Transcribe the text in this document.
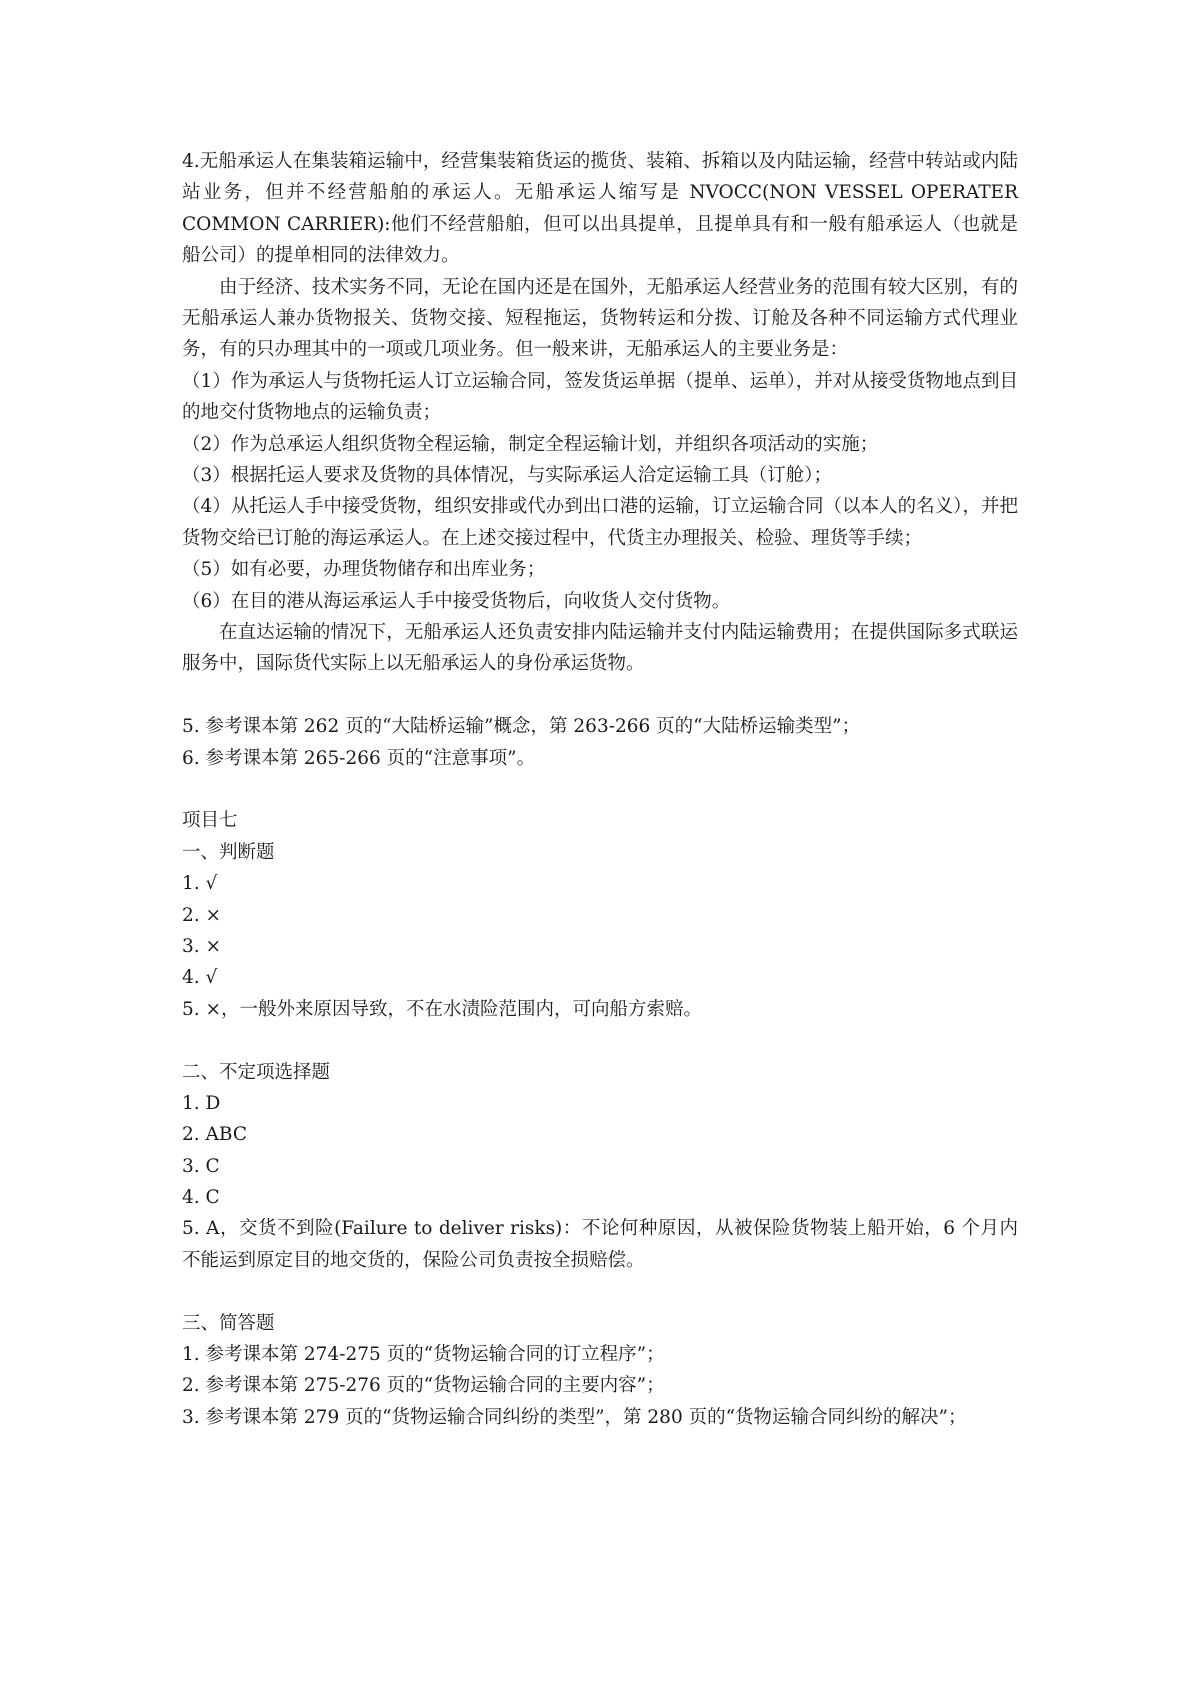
4.无船承运人在集装箱运输中，经营集装箱货运的揽货、装箱、拆箱以及内陆运输，经营中转站或内陆站业务，但并不经营船舶的承运人。无船承运人缩写是 NVOCC(NON VESSEL OPERATER COMMON CARRIER):他们不经营船舶，但可以出具提单，且提单具有和一般有船承运人（也就是船公司）的提单相同的法律效力。
由于经济、技术实务不同，无论在国内还是在国外，无船承运人经营业务的范围有较大区别，有的无船承运人兼办货物报关、货物交接、短程拖运，货物转运和分拨、订舱及各种不同运输方式代理业务，有的只办理其中的一项或几项业务。但一般来讲，无船承运人的主要业务是：
（1）作为承运人与货物托运人订立运输合同，签发货运单据（提单、运单），并对从接受货物地点到目的地交付货物地点的运输负责；
（2）作为总承运人组织货物全程运输，制定全程运输计划，并组织各项活动的实施；
（3）根据托运人要求及货物的具体情况，与实际承运人洽定运输工具（订舱）；
（4）从托运人手中接受货物，组织安排或代办到出口港的运输，订立运输合同（以本人的名义），并把货物交给已订舱的海运承运人。在上述交接过程中，代货主办理报关、检验、理货等手续；
（5）如有必要，办理货物储存和出库业务；
（6）在目的港从海运承运人手中接受货物后，向收货人交付货物。
在直达运输的情况下，无船承运人还负责安排内陆运输并支付内陆运输费用；在提供国际多式联运服务中，国际货代实际上以无船承运人的身份承运货物。
5. 参考课本第 262 页的“大陆桥运输”概念，第 263-266 页的“大陆桥运输类型”；
6. 参考课本第 265-266 页的“注意事项”。
项目七
一、判断题
1. √
2. ×
3. ×
4. √
5. ×，一般外来原因导致，不在水渍险范围内，可向船方索赔。
二、不定项选择题
1. D
2. ABC
3. C
4. C
5. A，交货不到险(Failure to deliver risks)：不论何种原因，从被保险货物装上船开始，6 个月内不能运到原定目的地交货的，保险公司负责按全损赔偿。
三、简答题
1. 参考课本第 274-275 页的“货物运输合同的订立程序”；
2. 参考课本第 275-276 页的“货物运输合同的主要内容”；
3. 参考课本第 279 页的“货物运输合同纠纷的类型”，第 280 页的“货物运输合同纠纷的解决”；
